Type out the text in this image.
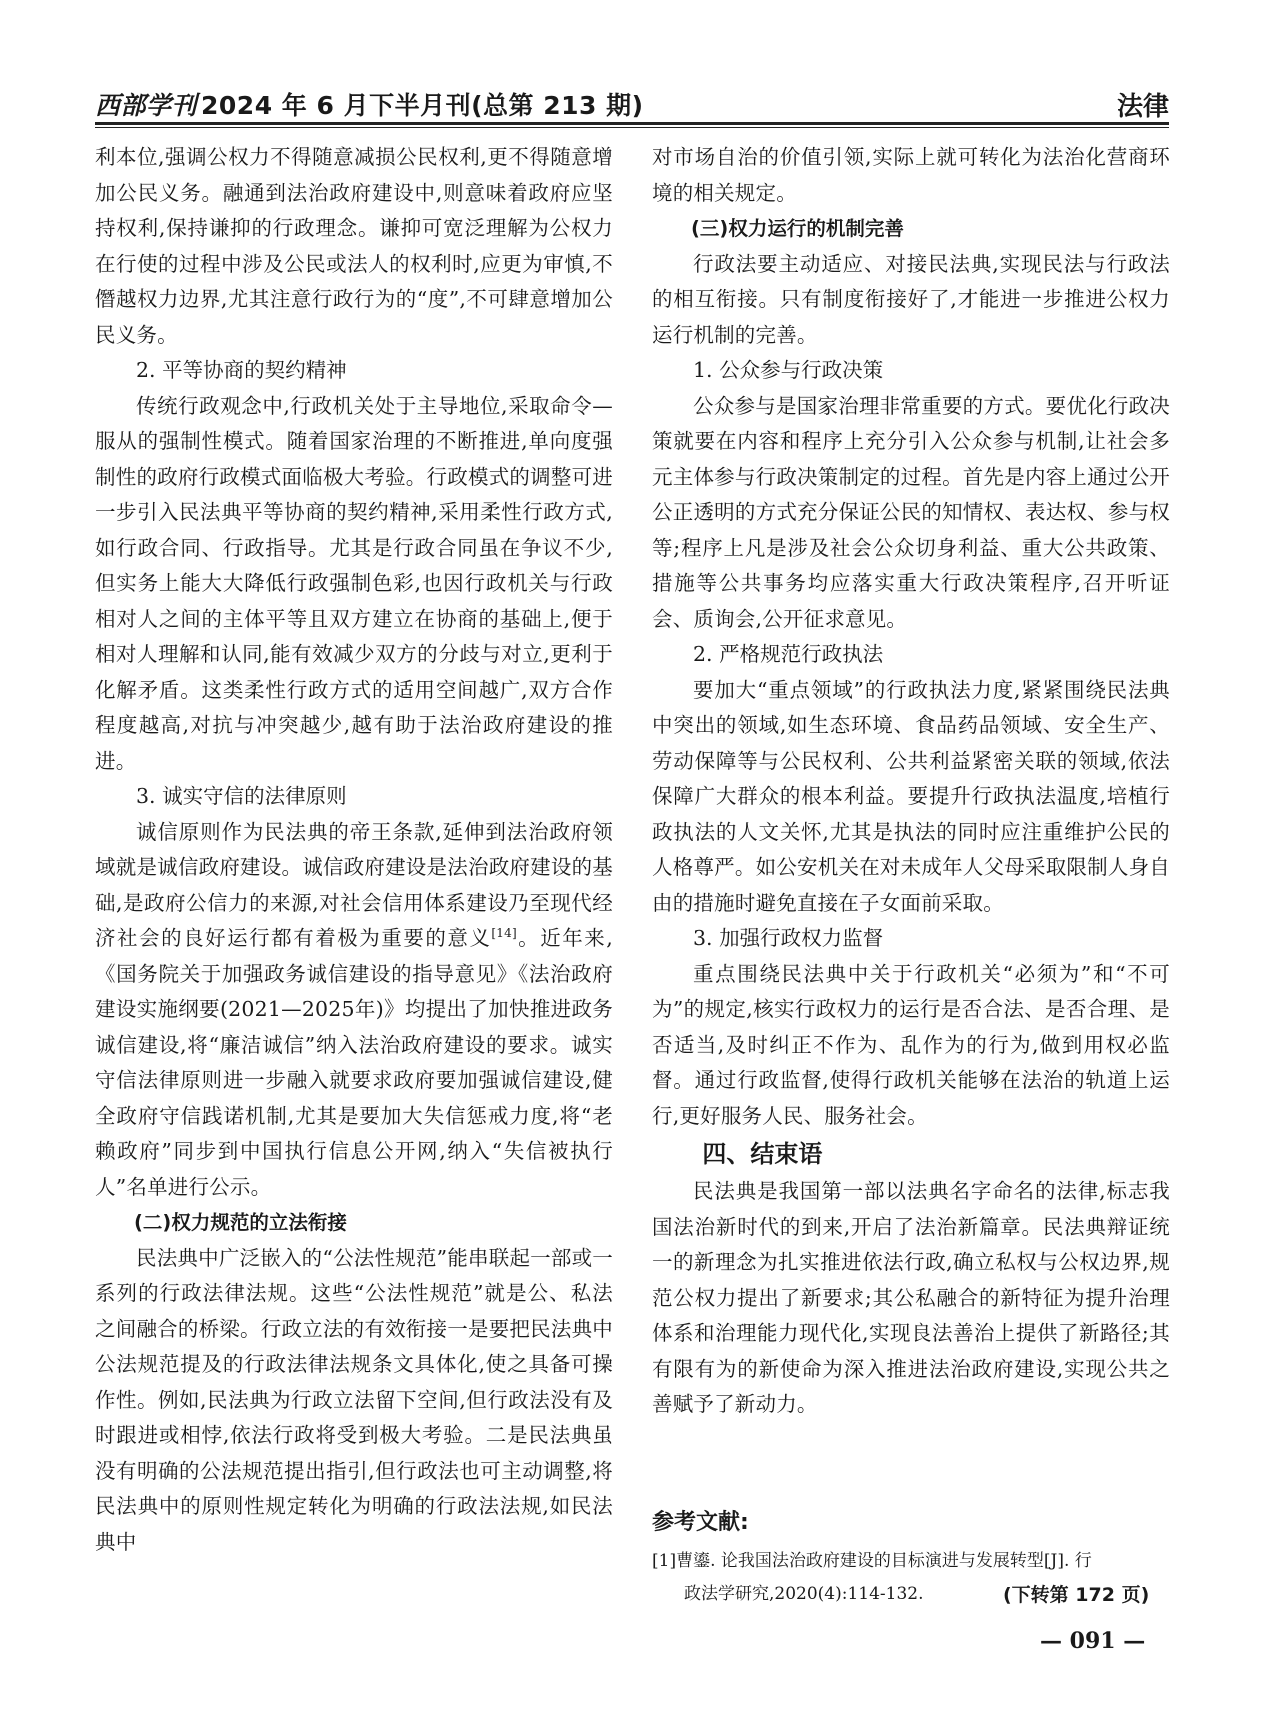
西部学刊 2024 年 6 月下半月刊(总第 213 期)	法律

利本位,强调公权力不得随意减损公民权利,更不得随意增加公民义务。融通到法治政府建设中,则意味着政府应坚持权利,保持谦抑的行政理念。谦抑可宽泛理解为公权力在行使的过程中涉及公民或法人的权利时,应更为审慎,不僭越权力边界,尤其注意行政行为的“度”,不可肆意增加公民义务。

2. 平等协商的契约精神

传统行政观念中,行政机关处于主导地位,采取命令—服从的强制性模式。随着国家治理的不断推进,单向度强制性的政府行政模式面临极大考验。行政模式的调整可进一步引入民法典平等协商的契约精神,采用柔性行政方式,如行政合同、行政指导。尤其是行政合同虽在争议不少,但实务上能大大降低行政强制色彩,也因行政机关与行政相对人之间的主体平等且双方建立在协商的基础上,便于相对人理解和认同,能有效减少双方的分歧与对立,更利于化解矛盾。这类柔性行政方式的适用空间越广,双方合作程度越高,对抗与冲突越少,越有助于法治政府建设的推进。

3. 诚实守信的法律原则

诚信原则作为民法典的帝王条款,延伸到法治政府领域就是诚信政府建设。诚信政府建设是法治政府建设的基础,是政府公信力的来源,对社会信用体系建设乃至现代经济社会的良好运行都有着极为重要的意义[14]。近年来,《国务院关于加强政务诚信建设的指导意见》《法治政府建设实施纲要(2021—2025年)》均提出了加快推进政务诚信建设,将“廉洁诚信”纳入法治政府建设的要求。诚实守信法律原则进一步融入就要求政府要加强诚信建设,健全政府守信践诺机制,尤其是要加大失信惩戒力度,将“老赖政府”同步到中国执行信息公开网,纳入“失信被执行人”名单进行公示。

(二)权力规范的立法衔接

民法典中广泛嵌入的“公法性规范”能串联起一部或一系列的行政法律法规。这些“公法性规范”就是公、私法之间融合的桥梁。行政立法的有效衔接一是要把民法典中公法规范提及的行政法律法规条文具体化,使之具备可操作性。例如,民法典为行政立法留下空间,但行政法没有及时跟进或相悖,依法行政将受到极大考验。二是民法典虽没有明确的公法规范提出指引,但行政法也可主动调整,将民法典中的原则性规定转化为明确的行政法法规,如民法典中

对市场自治的价值引领,实际上就可转化为法治化营商环境的相关规定。

(三)权力运行的机制完善

行政法要主动适应、对接民法典,实现民法与行政法的相互衔接。只有制度衔接好了,才能进一步推进公权力运行机制的完善。

1. 公众参与行政决策

公众参与是国家治理非常重要的方式。要优化行政决策就要在内容和程序上充分引入公众参与机制,让社会多元主体参与行政决策制定的过程。首先是内容上通过公开公正透明的方式充分保证公民的知情权、表达权、参与权等;程序上凡是涉及社会公众切身利益、重大公共政策、措施等公共事务均应落实重大行政决策程序,召开听证会、质询会,公开征求意见。

2. 严格规范行政执法

要加大“重点领域”的行政执法力度,紧紧围绕民法典中突出的领域,如生态环境、食品药品领域、安全生产、劳动保障等与公民权利、公共利益紧密关联的领域,依法保障广大群众的根本利益。要提升行政执法温度,培植行政执法的人文关怀,尤其是执法的同时应注重维护公民的人格尊严。如公安机关在对未成年人父母采取限制人身自由的措施时避免直接在子女面前采取。

3. 加强行政权力监督

重点围绕民法典中关于行政机关“必须为”和“不可为”的规定,核实行政权力的运行是否合法、是否合理、是否适当,及时纠正不作为、乱作为的行为,做到用权必监督。通过行政监督,使得行政机关能够在法治的轨道上运行,更好服务人民、服务社会。

四、结束语

民法典是我国第一部以法典名字命名的法律,标志我国法治新时代的到来,开启了法治新篇章。民法典辩证统一的新理念为扎实推进依法行政,确立私权与公权边界,规范公权力提出了新要求;其公私融合的新特征为提升治理体系和治理能力现代化,实现良法善治上提供了新路径;其有限有为的新使命为深入推进法治政府建设,实现公共之善赋予了新动力。

参考文献:
[1]曹鎏. 论我国法治政府建设的目标演进与发展转型[J]. 行
政法学研究,2020(4):114-132.	(下转第 172 页)
— 091 —
